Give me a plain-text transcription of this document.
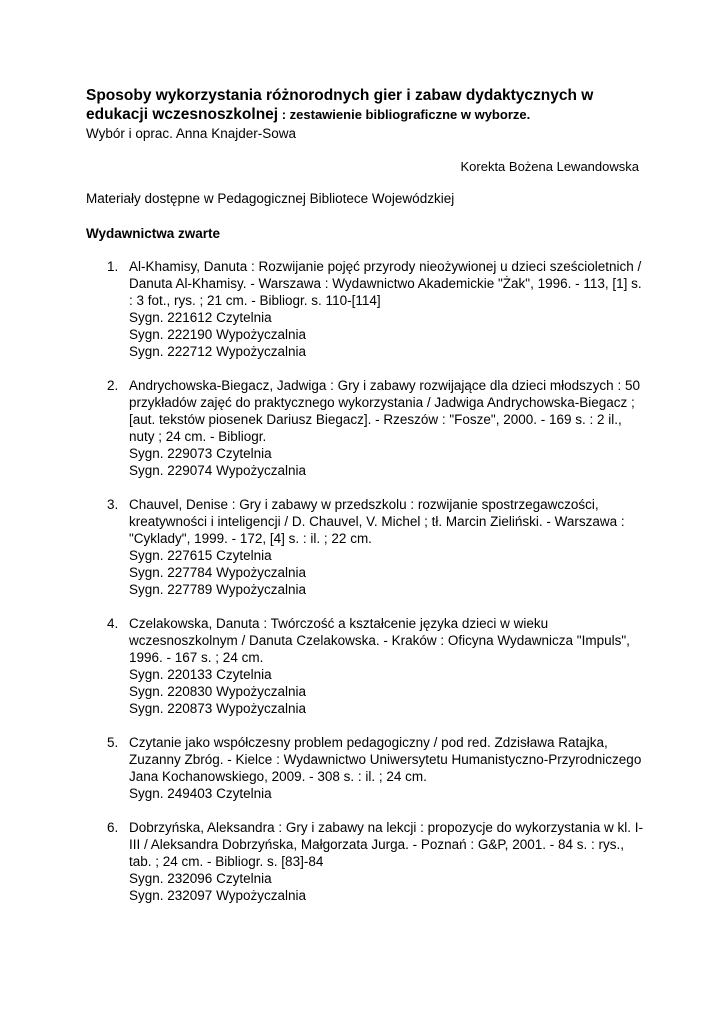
Sposoby wykorzystania różnorodnych gier i zabaw dydaktycznych w edukacji wczesnoszkolnej : zestawienie bibliograficzne w wyborze.
Wybór i oprac. Anna Knajder-Sowa
Korekta Bożena Lewandowska
Materiały dostępne w Pedagogicznej Bibliotece Wojewódzkiej
Wydawnictwa zwarte
1. Al-Khamisy, Danuta : Rozwijanie pojęć przyrody nieożywionej u dzieci sześcioletnich / Danuta Al-Khamisy. - Warszawa : Wydawnictwo Akademickie "Żak", 1996. - 113, [1] s. : 3 fot., rys. ; 21 cm. - Bibliogr. s. 110-[114]
Sygn. 221612 Czytelnia
Sygn. 222190 Wypożyczalnia
Sygn. 222712 Wypożyczalnia
2. Andrychowska-Biegacz, Jadwiga : Gry i zabawy rozwijające dla dzieci młodszych : 50 przykładów zajęć do praktycznego wykorzystania / Jadwiga Andrychowska-Biegacz ; [aut. tekstów piosenek Dariusz Biegacz]. - Rzeszów : "Fosze", 2000. - 169 s. : 2 il., nuty ; 24 cm. - Bibliogr.
Sygn. 229073 Czytelnia
Sygn. 229074 Wypożyczalnia
3. Chauvel, Denise : Gry i zabawy w przedszkolu : rozwijanie spostrzegawczości, kreatywności i inteligencji / D. Chauvel, V. Michel ; tł. Marcin Zieliński. - Warszawa : "Cyklady", 1999. - 172, [4] s. : il. ; 22 cm.
Sygn. 227615 Czytelnia
Sygn. 227784 Wypożyczalnia
Sygn. 227789 Wypożyczalnia
4. Czelakowska, Danuta : Twórczość a kształcenie języka dzieci w wieku wczesnoszkolnym / Danuta Czelakowska. - Kraków : Oficyna Wydawnicza "Impuls", 1996. - 167 s. ; 24 cm.
Sygn. 220133 Czytelnia
Sygn. 220830 Wypożyczalnia
Sygn. 220873 Wypożyczalnia
5. Czytanie jako współczesny problem pedagogiczny / pod red. Zdzisława Ratajka, Zuzanny Zbróg. - Kielce : Wydawnictwo Uniwersytetu Humanistyczno-Przyrodniczego Jana Kochanowskiego, 2009. - 308 s. : il. ; 24 cm.
Sygn. 249403 Czytelnia
6. Dobrzyńska, Aleksandra : Gry i zabawy na lekcji : propozycje do wykorzystania w kl. I-III / Aleksandra Dobrzyńska, Małgorzata Jurga. - Poznań : G&P, 2001. - 84 s. : rys., tab. ; 24 cm. - Bibliogr. s. [83]-84
Sygn. 232096 Czytelnia
Sygn. 232097 Wypożyczalnia
